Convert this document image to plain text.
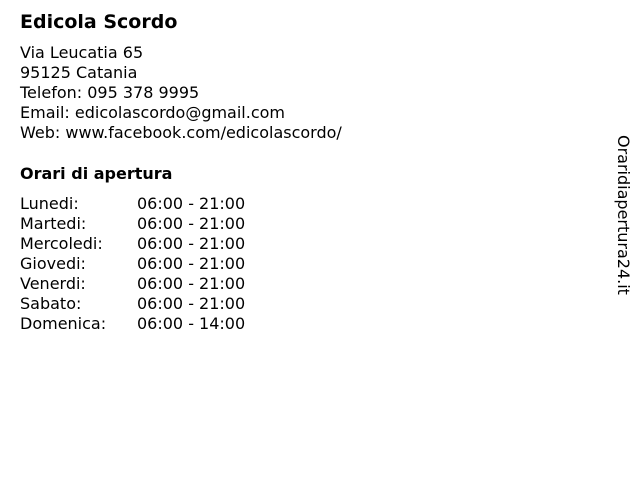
Edicola Scordo
Via Leucatia 65
95125 Catania
Telefon: 095 378 9995
Email: edicolascordo@gmail.com
Web: www.facebook.com/edicolascordo/
Orari di apertura
Lunedi:	06:00 - 21:00
Martedi:	06:00 - 21:00
Mercoledi:	06:00 - 21:00
Giovedi:	06:00 - 21:00
Venerdi:	06:00 - 21:00
Sabato:	06:00 - 21:00
Domenica:	06:00 - 14:00
Oraridiapertura24.it
